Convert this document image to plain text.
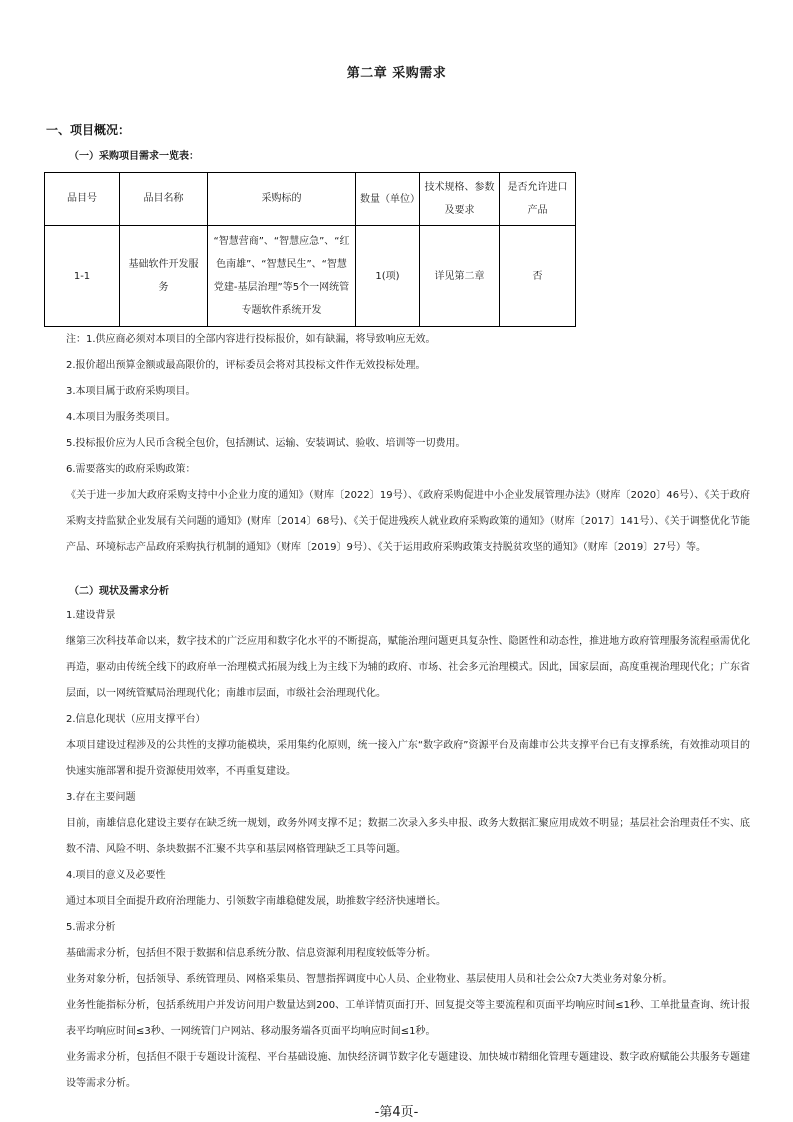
第二章 采购需求
一、项目概况：
（一）采购项目需求一览表：
品目号	品目名称	采购标的	数量（单位）	技术规格、参数及要求	是否允许进口产品
1-1	基础软件开发服务	“智慧营商”、“智慧应急”、“红色南雄”、“智慧民生”、“智慧党建-基层治理”等5个一网统管专题软件系统开发	1(项)	详见第二章	否

注：1.供应商必须对本项目的全部内容进行投标报价，如有缺漏，将导致响应无效。

2.报价超出预算金额或最高限价的，评标委员会将对其投标文件作无效投标处理。

3.本项目属于政府采购项目。

4.本项目为服务类项目。

5.投标报价应为人民币含税全包价，包括测试、运输、安装调试、验收、培训等一切费用。

6.需要落实的政府采购政策：

《关于进一步加大政府采购支持中小企业力度的通知》（财库〔2022〕19号）、《政府采购促进中小企业发展管理办法》（财库〔2020〕46号）、《关于政府采购支持监狱企业发展有关问题的通知》(财库〔2014〕68号)、《关于促进残疾人就业政府采购政策的通知》（财库〔2017〕141号）、《关于调整优化节能产品、环境标志产品政府采购执行机制的通知》（财库〔2019〕9号）、《关于运用政府采购政策支持脱贫攻坚的通知》（财库〔2019〕27号）等。

（二）现状及需求分析

1.建设背景

继第三次科技革命以来，数字技术的广泛应用和数字化水平的不断提高，赋能治理问题更具复杂性、隐匿性和动态性，推进地方政府管理服务流程亟需优化再造，驱动由传统全线下的政府单一治理模式拓展为线上为主线下为辅的政府、市场、社会多元治理模式。因此，国家层面，高度重视治理现代化；广东省层面，以一网统管赋局治理现代化；南雄市层面，市级社会治理现代化。

2.信息化现状（应用支撑平台）

本项目建设过程涉及的公共性的支撑功能模块，采用集约化原则，统一接入广东“数字政府”资源平台及南雄市公共支撑平台已有支撑系统，有效推动项目的快速实施部署和提升资源使用效率，不再重复建设。

3.存在主要问题

目前，南雄信息化建设主要存在缺乏统一规划，政务外网支撑不足；数据二次录入多头申报、政务大数据汇聚应用成效不明显；基层社会治理责任不实、底数不清、风险不明、条块数据不汇聚不共享和基层网格管理缺乏工具等问题。

4.项目的意义及必要性

通过本项目全面提升政府治理能力、引领数字南雄稳健发展，助推数字经济快速增长。

5.需求分析

基础需求分析，包括但不限于数据和信息系统分散、信息资源利用程度较低等分析。

业务对象分析，包括领导、系统管理员、网格采集员、智慧指挥调度中心人员、企业物业、基层使用人员和社会公众7大类业务对象分析。

业务性能指标分析，包括系统用户并发访问用户数量达到200、工单详情页面打开、回复提交等主要流程和页面平均响应时间≤1秒、工单批量查询、统计报表平均响应时间≤3秒、一网统管门户网站、移动服务端各页面平均响应时间≤1秒。

业务需求分析，包括但不限于专题设计流程、平台基础设施、加快经济调节数字化专题建设、加快城市精细化管理专题建设、数字政府赋能公共服务专题建设等需求分析。

-第4页-
